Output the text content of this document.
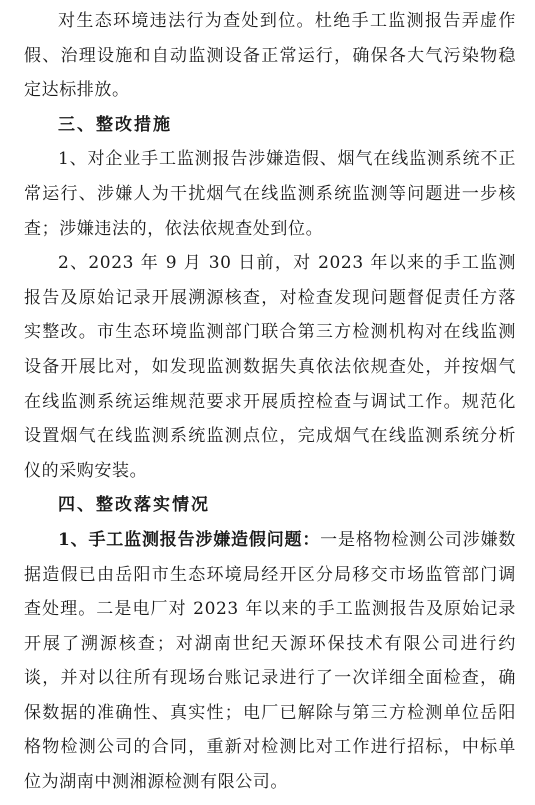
对生态环境违法行为查处到位。杜绝手工监测报告弄虚作假、治理设施和自动监测设备正常运行，确保各大气污染物稳定达标排放。

三、整改措施

1、对企业手工监测报告涉嫌造假、烟气在线监测系统不正常运行、涉嫌人为干扰烟气在线监测系统监测等问题进一步核查；涉嫌违法的，依法依规查处到位。

2、2023 年 9 月 30 日前，对 2023 年以来的手工监测报告及原始记录开展溯源核查，对检查发现问题督促责任方落实整改。市生态环境监测部门联合第三方检测机构对在线监测设备开展比对，如发现监测数据失真依法依规查处，并按烟气在线监测系统运维规范要求开展质控检查与调试工作。规范化设置烟气在线监测系统监测点位，完成烟气在线监测系统分析仪的采购安装。

四、整改落实情况

1、手工监测报告涉嫌造假问题：一是格物检测公司涉嫌数据造假已由岳阳市生态环境局经开区分局移交市场监管部门调查处理。二是电厂对 2023 年以来的手工监测报告及原始记录开展了溯源核查；对湖南世纪天源环保技术有限公司进行约谈，并对以往所有现场台账记录进行了一次详细全面检查，确保数据的准确性、真实性；电厂已解除与第三方检测单位岳阳格物检测公司的合同，重新对检测比对工作进行招标，中标单位为湖南中测湘源检测有限公司。
